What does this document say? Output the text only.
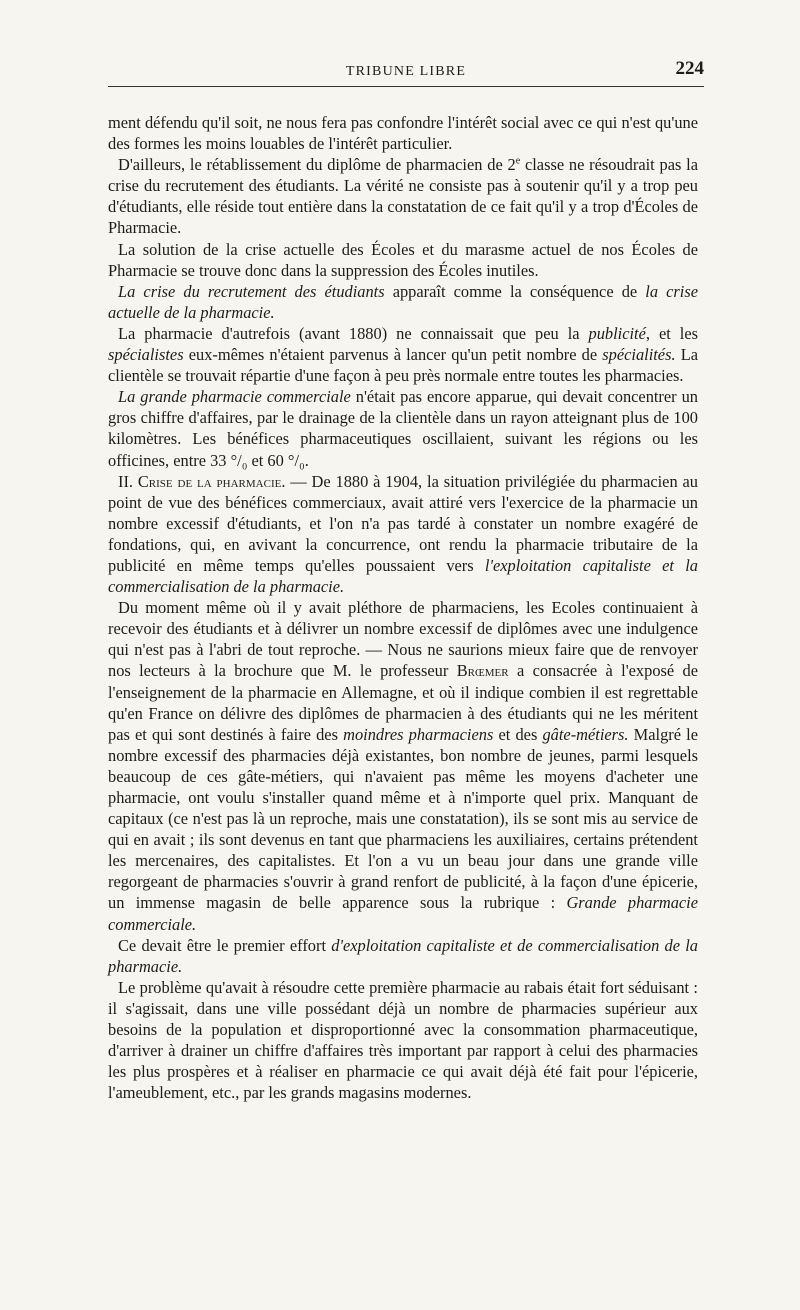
TRIBUNE LIBRE	224

ment défendu qu'il soit, ne nous fera pas confondre l'intérêt social avec ce qui n'est qu'une des formes les moins louables de l'intérêt particulier.

D'ailleurs, le rétablissement du diplôme de pharmacien de 2e classe ne résoudrait pas la crise du recrutement des étudiants. La vérité ne consiste pas à soutenir qu'il y a trop peu d'étudiants, elle réside tout entière dans la constatation de ce fait qu'il y a trop d'Écoles de Pharmacie.

La solution de la crise actuelle des Écoles et du marasme actuel de nos Écoles de Pharmacie se trouve donc dans la suppression des Écoles inutiles.

La crise du recrutement des étudiants apparaît comme la conséquence de la crise actuelle de la pharmacie.

La pharmacie d'autrefois (avant 1880) ne connaissait que peu la publicité, et les spécialistes eux-mêmes n'étaient parvenus à lancer qu'un petit nombre de spécialités. La clientèle se trouvait répartie d'une façon à peu près normale entre toutes les pharmacies.

La grande pharmacie commerciale n'était pas encore apparue, qui devait concentrer un gros chiffre d'affaires, par le drainage de la clientèle dans un rayon atteignant plus de 100 kilomètres. Les bénéfices pharmaceutiques oscillaient, suivant les régions ou les officines, entre 33 °/₀ et 60 °/₀.

II. Crise de la pharmacie. — De 1880 à 1904, la situation privilégiée du pharmacien au point de vue des bénéfices commerciaux, avait attiré vers l'exercice de la pharmacie un nombre excessif d'étudiants, et l'on n'a pas tardé à constater un nombre exagéré de fondations, qui, en avivant la concurrence, ont rendu la pharmacie tributaire de la publicité en même temps qu'elles poussaient vers l'exploitation capitaliste et la commercialisation de la pharmacie.

Du moment même où il y avait pléthore de pharmaciens, les Ecoles continuaient à recevoir des étudiants et à délivrer un nombre excessif de diplômes avec une indulgence qui n'est pas à l'abri de tout reproche. — Nous ne saurions mieux faire que de renvoyer nos lecteurs à la brochure que M. le professeur Brœmer a consacrée à l'exposé de l'enseignement de la pharmacie en Allemagne, et où il indique combien il est regrettable qu'en France on délivre des diplômes de pharmacien à des étudiants qui ne les méritent pas et qui sont destinés à faire des moindres pharmaciens et des gâte-métiers. Malgré le nombre excessif des pharmacies déjà existantes, bon nombre de jeunes, parmi lesquels beaucoup de ces gâte-métiers, qui n'avaient pas même les moyens d'acheter une pharmacie, ont voulu s'installer quand même et à n'importe quel prix. Manquant de capitaux (ce n'est pas là un reproche, mais une constatation), ils se sont mis au service de qui en avait ; ils sont devenus en tant que pharmaciens les auxiliaires, certains prétendent les mercenaires, des capitalistes. Et l'on a vu un beau jour dans une grande ville regorgeant de pharmacies s'ouvrir à grand renfort de publicité, à la façon d'une épicerie, un immense magasin de belle apparence sous la rubrique : Grande pharmacie commerciale.

Ce devait être le premier effort d'exploitation capitaliste et de commercialisation de la pharmacie.

Le problème qu'avait à résoudre cette première pharmacie au rabais était fort séduisant : il s'agissait, dans une ville possédant déjà un nombre de pharmacies supérieur aux besoins de la population et disproportionné avec la consommation pharmaceutique, d'arriver à drainer un chiffre d'affaires très important par rapport à celui des pharmacies les plus prospères et à réaliser en pharmacie ce qui avait déjà été fait pour l'épicerie, l'ameublement, etc., par les grands magasins modernes.
